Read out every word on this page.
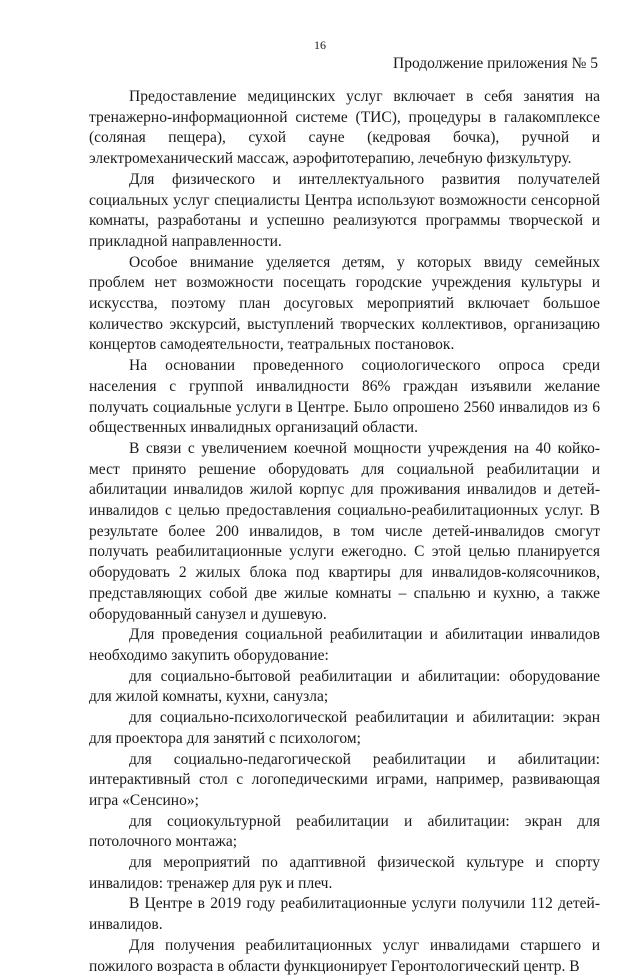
16
Продолжение приложения № 5

Предоставление медицинских услуг включает в себя занятия на тренажерно-информационной системе (ТИС), процедуры в галакомплексе (соляная пещера), сухой сауне (кедровая бочка), ручной и электромеханический массаж, аэрофитотерапию, лечебную физкультуру.

Для физического и интеллектуального развития получателей социальных услуг специалисты Центра используют возможности сенсорной комнаты, разработаны и успешно реализуются программы творческой и прикладной направленности.

Особое внимание уделяется детям, у которых ввиду семейных проблем нет возможности посещать городские учреждения культуры и искусства, поэтому план досуговых мероприятий включает большое количество экскурсий, выступлений творческих коллективов, организацию концертов самодеятельности, театральных постановок.

На основании проведенного социологического опроса среди населения с группой инвалидности 86% граждан изъявили желание получать социальные услуги в Центре. Было опрошено 2560 инвалидов из 6 общественных инвалидных организаций области.

В связи с увеличением коечной мощности учреждения на 40 койко-мест принято решение оборудовать для социальной реабилитации и абилитации инвалидов жилой корпус для проживания инвалидов и детей-инвалидов с целью предоставления социально-реабилитационных услуг. В результате более 200 инвалидов, в том числе детей-инвалидов смогут получать реабилитационные услуги ежегодно. С этой целью планируется оборудовать 2 жилых блока под квартиры для инвалидов-колясочников, представляющих собой две жилые комнаты – спальню и кухню, а также оборудованный санузел и душевую.

Для проведения социальной реабилитации и абилитации инвалидов необходимо закупить оборудование:

для социально-бытовой реабилитации и абилитации: оборудование для жилой комнаты, кухни, санузла;

для социально-психологической реабилитации и абилитации: экран для проектора для занятий с психологом;

для социально-педагогической реабилитации и абилитации: интерактивный стол с логопедическими играми, например, развивающая игра «Сенсино»;

для социокультурной реабилитации и абилитации: экран для потолочного монтажа;

для мероприятий по адаптивной физической культуре и спорту инвалидов: тренажер для рук и плеч.

В Центре в 2019 году реабилитационные услуги получили 112 детей-инвалидов.

Для получения реабилитационных услуг инвалидами старшего и пожилого возраста в области функционирует Геронтологический центр. В
